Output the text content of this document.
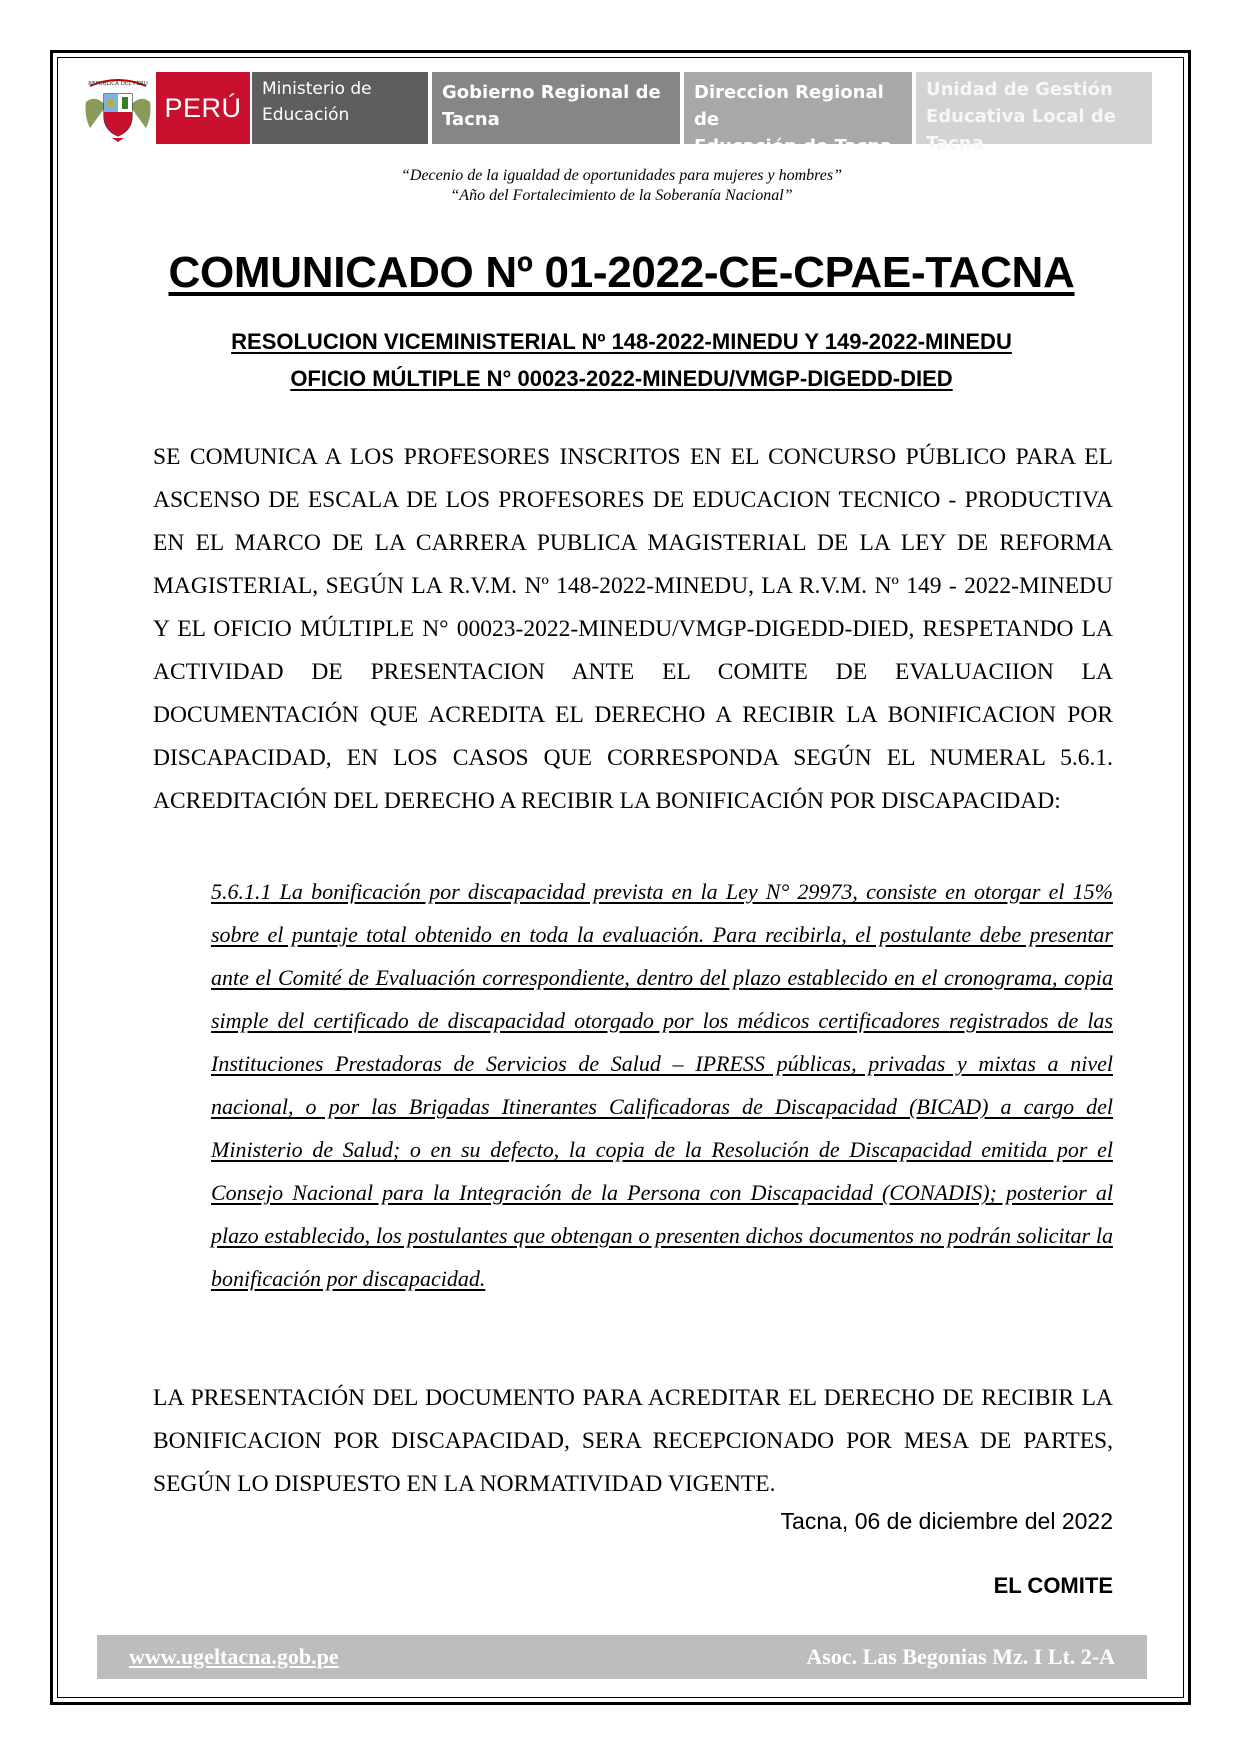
REPUBLICA DEL PERU
PERÚ
Ministerio de
Educación
Gobierno Regional de
Tacna
Direccion Regional de
Educación de Tacna
Unidad de Gestión
Educativa Local de Tacna
“Decenio de la igualdad de oportunidades para mujeres y hombres”
“Año del Fortalecimiento de la Soberanía Nacional”
COMUNICADO Nº 01-2022-CE-CPAE-TACNA
RESOLUCION VICEMINISTERIAL Nº 148-2022-MINEDU Y 149-2022-MINEDU
OFICIO MÚLTIPLE N° 00023-2022-MINEDU/VMGP-DIGEDD-DIED
SE COMUNICA A LOS PROFESORES INSCRITOS EN EL CONCURSO PÚBLICO PARA EL ASCENSO DE ESCALA DE LOS PROFESORES DE EDUCACION TECNICO - PRODUCTIVA EN EL MARCO DE LA CARRERA PUBLICA MAGISTERIAL DE LA LEY DE REFORMA MAGISTERIAL, SEGÚN LA R.V.M. Nº 148-2022-MINEDU, LA R.V.M. Nº 149 - 2022-MINEDU Y EL OFICIO MÚLTIPLE N° 00023-2022-MINEDU/VMGP-DIGEDD-DIED, RESPETANDO LA ACTIVIDAD DE PRESENTACION ANTE EL COMITE DE EVALUACIION LA DOCUMENTACIÓN QUE ACREDITA EL DERECHO A RECIBIR LA BONIFICACION POR DISCAPACIDAD, EN LOS CASOS QUE CORRESPONDA SEGÚN EL NUMERAL 5.6.1. ACREDITACIÓN DEL DERECHO A RECIBIR LA BONIFICACIÓN POR DISCAPACIDAD:
5.6.1.1 La bonificación por discapacidad prevista en la Ley N° 29973, consiste en otorgar el 15% sobre el puntaje total obtenido en toda la evaluación. Para recibirla, el postulante debe presentar ante el Comité de Evaluación correspondiente, dentro del plazo establecido en el cronograma, copia simple del certificado de discapacidad otorgado por los médicos certificadores registrados de las Instituciones Prestadoras de Servicios de Salud – IPRESS públicas, privadas y mixtas a nivel nacional, o por las Brigadas Itinerantes Calificadoras de Discapacidad (BICAD) a cargo del Ministerio de Salud; o en su defecto, la copia de la Resolución de Discapacidad emitida por el Consejo Nacional para la Integración de la Persona con Discapacidad (CONADIS); posterior al plazo establecido, los postulantes que obtengan o presenten dichos documentos no podrán solicitar la bonificación por discapacidad.
LA PRESENTACIÓN DEL DOCUMENTO PARA ACREDITAR EL DERECHO DE RECIBIR LA BONIFICACION POR DISCAPACIDAD, SERA RECEPCIONADO POR MESA DE PARTES, SEGÚN LO DISPUESTO EN LA NORMATIVIDAD VIGENTE.
Tacna, 06 de diciembre del 2022
EL COMITE
www.ugeltacna.gob.pe	Asoc. Las Begonias Mz. I Lt. 2-A
